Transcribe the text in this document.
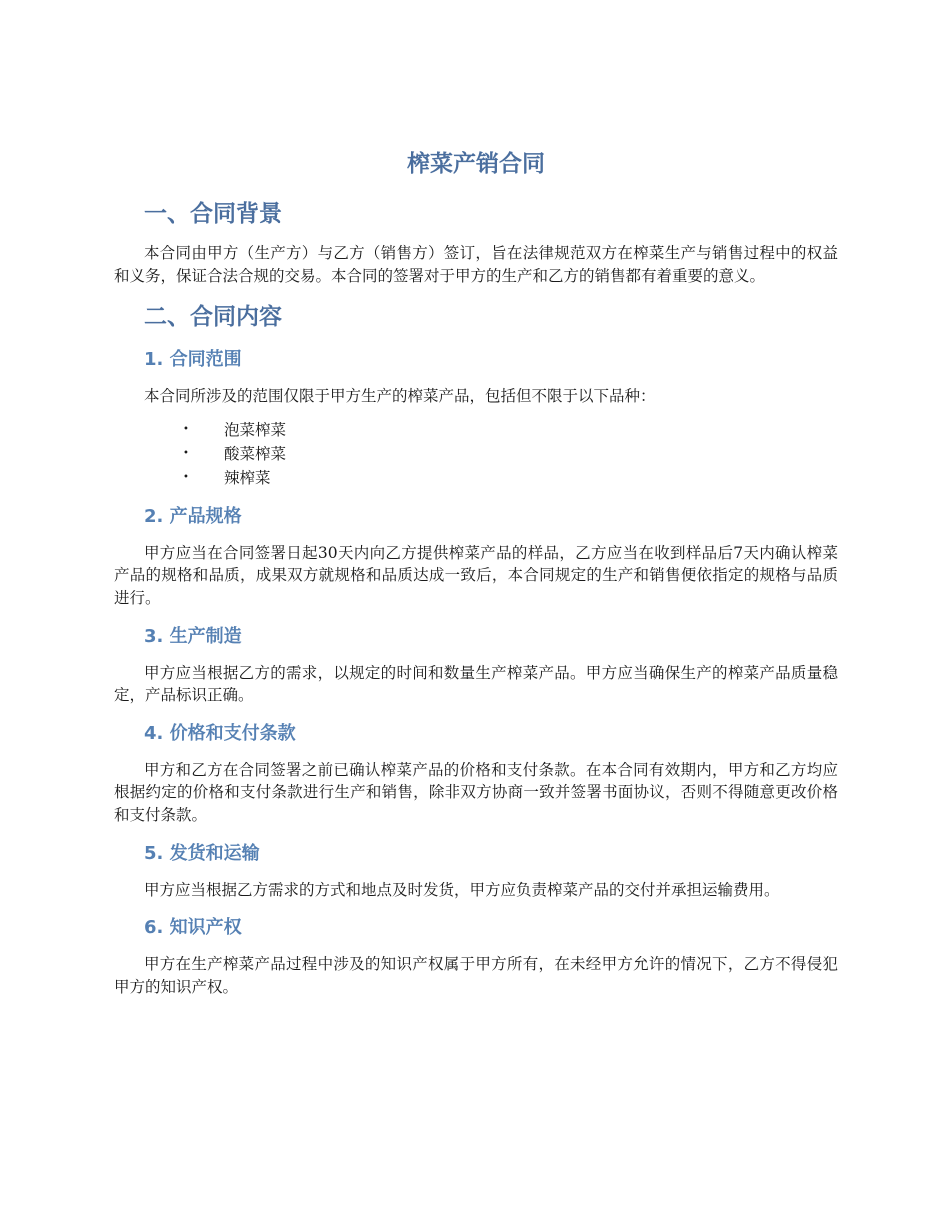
榨菜产销合同
一、合同背景

本合同由甲方（生产方）与乙方（销售方）签订，旨在法律规范双方在榨菜生产与销售过程中的权益和义务，保证合法合规的交易。本合同的签署对于甲方的生产和乙方的销售都有着重要的意义。

二、合同内容
1. 合同范围

本合同所涉及的范围仅限于甲方生产的榨菜产品，包括但不限于以下品种：

• 泡菜榨菜
• 酸菜榨菜
• 辣榨菜
2. 产品规格

甲方应当在合同签署日起30天内向乙方提供榨菜产品的样品，乙方应当在收到样品后7天内确认榨菜产品的规格和品质，成果双方就规格和品质达成一致后，本合同规定的生产和销售便依指定的规格与品质进行。

3. 生产制造

甲方应当根据乙方的需求，以规定的时间和数量生产榨菜产品。甲方应当确保生产的榨菜产品质量稳定，产品标识正确。

4. 价格和支付条款

甲方和乙方在合同签署之前已确认榨菜产品的价格和支付条款。在本合同有效期内，甲方和乙方均应根据约定的价格和支付条款进行生产和销售，除非双方协商一致并签署书面协议，否则不得随意更改价格和支付条款。

5. 发货和运输

甲方应当根据乙方需求的方式和地点及时发货，甲方应负责榨菜产品的交付并承担运输费用。

6. 知识产权

甲方在生产榨菜产品过程中涉及的知识产权属于甲方所有，在未经甲方允许的情况下，乙方不得侵犯甲方的知识产权。
